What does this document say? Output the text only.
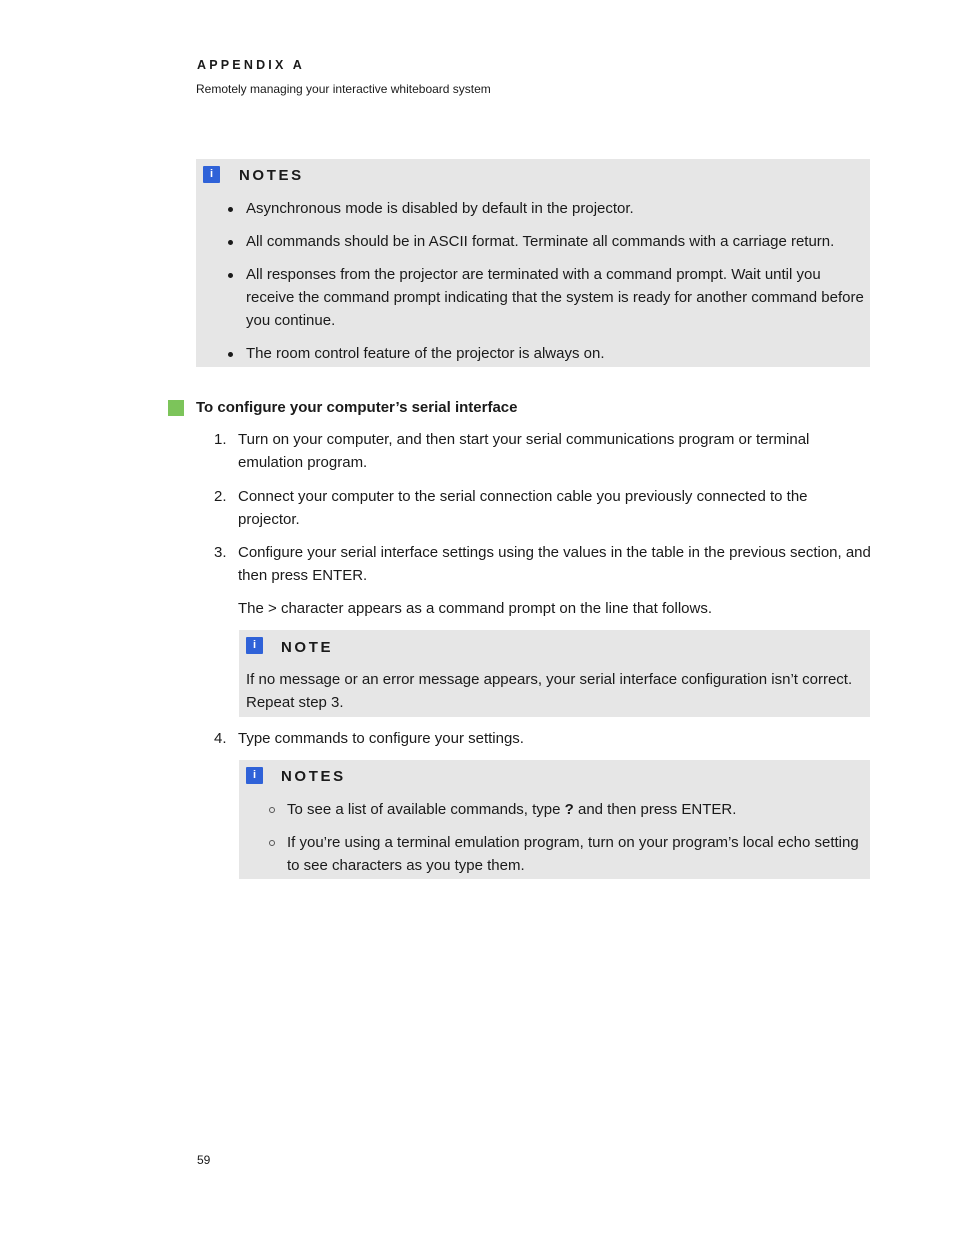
APPENDIX A
Remotely managing your interactive whiteboard system
i	NOTES
Asynchronous mode is disabled by default in the projector.
All commands should be in ASCII format. Terminate all commands with a carriage return.
All responses from the projector are terminated with a command prompt. Wait until you receive the command prompt indicating that the system is ready for another command before you continue.
The room control feature of the projector is always on.
To configure your computer’s serial interface
1. Turn on your computer, and then start your serial communications program or terminal emulation program.
2. Connect your computer to the serial connection cable you previously connected to the projector.
3. Configure your serial interface settings using the values in the table in the previous section, and then press ENTER.
The > character appears as a command prompt on the line that follows.
i	NOTE
If no message or an error message appears, your serial interface configuration isn’t correct. Repeat step 3.
4. Type commands to configure your settings.
i	NOTES
To see a list of available commands, type ? and then press ENTER.
If you’re using a terminal emulation program, turn on your program’s local echo setting to see characters as you type them.
59
